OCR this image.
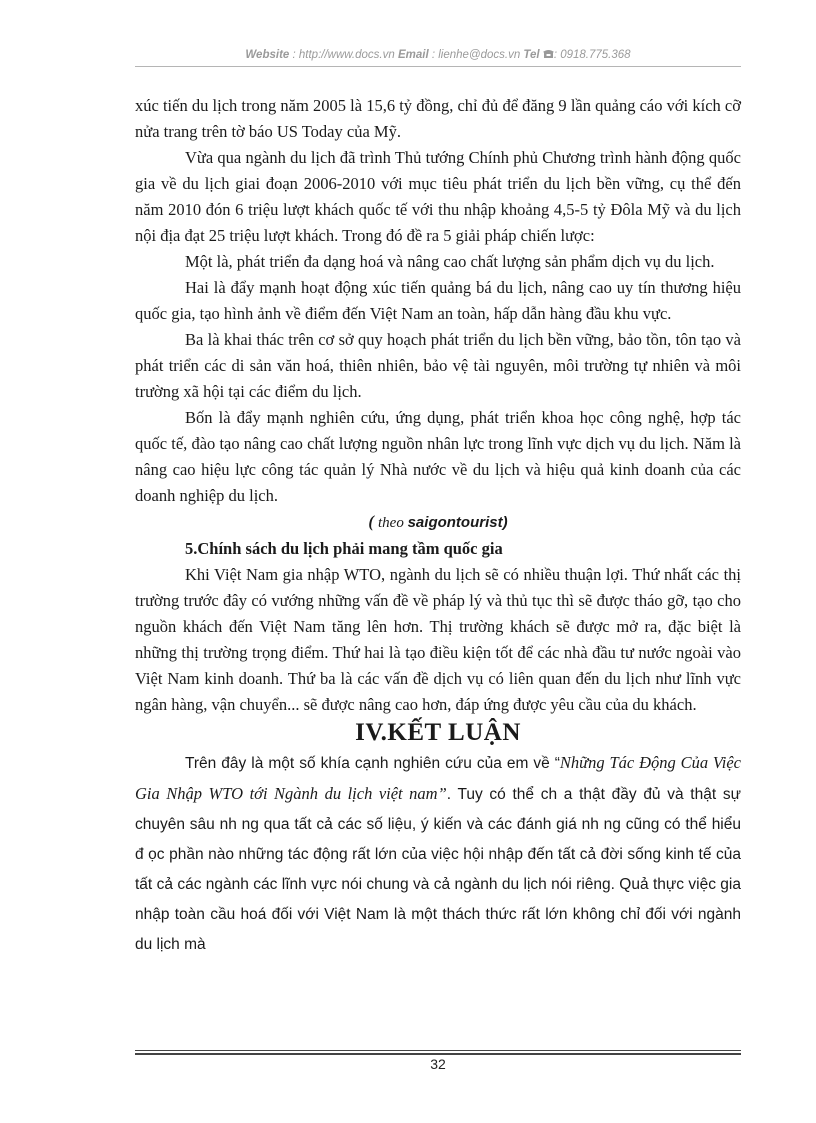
Website : http://www.docs.vn Email : lienhe@docs.vn Tel : 0918.775.368

xúc tiến du lịch trong năm 2005 là 15,6 tỷ đồng, chỉ đủ để đăng 9 lần quảng cáo với kích cỡ nửa trang trên tờ báo US Today của Mỹ.

Vừa qua ngành du lịch đã trình Thủ tướng Chính phủ Chương trình hành động quốc gia về du lịch giai đoạn 2006-2010 với mục tiêu phát triển du lịch bền vững, cụ thể đến năm 2010 đón 6 triệu lượt khách quốc tế với thu nhập khoảng 4,5-5 tỷ Đôla Mỹ và du lịch nội địa đạt 25 triệu lượt khách. Trong đó đề ra 5 giải pháp chiến lược:

Một là, phát triển đa dạng hoá và nâng cao chất lượng sản phẩm dịch vụ du lịch.

Hai là đẩy mạnh hoạt động xúc tiến quảng bá du lịch, nâng cao uy tín thương hiệu quốc gia, tạo hình ảnh về điểm đến Việt Nam an toàn, hấp dẫn hàng đầu khu vực.

Ba là khai thác trên cơ sở quy hoạch phát triển du lịch bền vững, bảo tồn, tôn tạo và phát triển các di sản văn hoá, thiên nhiên, bảo vệ tài nguyên, môi trường tự nhiên và môi trường xã hội tại các điểm du lịch.

Bốn là đẩy mạnh nghiên cứu, ứng dụng, phát triển khoa học công nghệ, hợp tác quốc tế, đào tạo nâng cao chất lượng nguồn nhân lực trong lĩnh vực dịch vụ du lịch. Năm là nâng cao hiệu lực công tác quản lý Nhà nước về du lịch và hiệu quả kinh doanh của các doanh nghiệp du lịch.

( theo saigontourist)

5.Chính sách du lịch phải mang tầm quốc gia

Khi Việt Nam gia nhập WTO, ngành du lịch sẽ có nhiều thuận lợi. Thứ nhất các thị trường trước đây có vướng những vấn đề về pháp lý và thủ tục thì sẽ được tháo gỡ, tạo cho nguồn khách đến Việt Nam tăng lên hơn. Thị trường khách sẽ được mở ra, đặc biệt là những thị trường trọng điểm. Thứ hai là tạo điều kiện tốt để các nhà đầu tư nước ngoài vào Việt Nam kinh doanh. Thứ ba là các vấn đề dịch vụ có liên quan đến du lịch như lĩnh vực ngân hàng, vận chuyển... sẽ được nâng cao hơn, đáp ứng được yêu cầu của du khách.

IV.KẾT LUẬN

Trên đây là một số khía cạnh nghiên cứu của em về “Những Tác Động Của Việc Gia Nhập WTO tới Ngành du lịch việt nam”. Tuy có thể ch a thật đầy đủ và thật sự chuyên sâu nh ng qua tất cả các số liệu, ý kiến và các đánh giá nh ng cũng có thể hiểu đ ọc phần nào những tác động rất lớn của việc hội nhập đến tất cả đời sống kinh tế của tất cả các ngành các lĩnh vực nói chung và cả ngành du lịch nói riêng. Quả thực việc gia nhập toàn cầu hoá đối với Việt Nam là một thách thức rất lớn không chỉ đối với ngành du lịch mà

32
